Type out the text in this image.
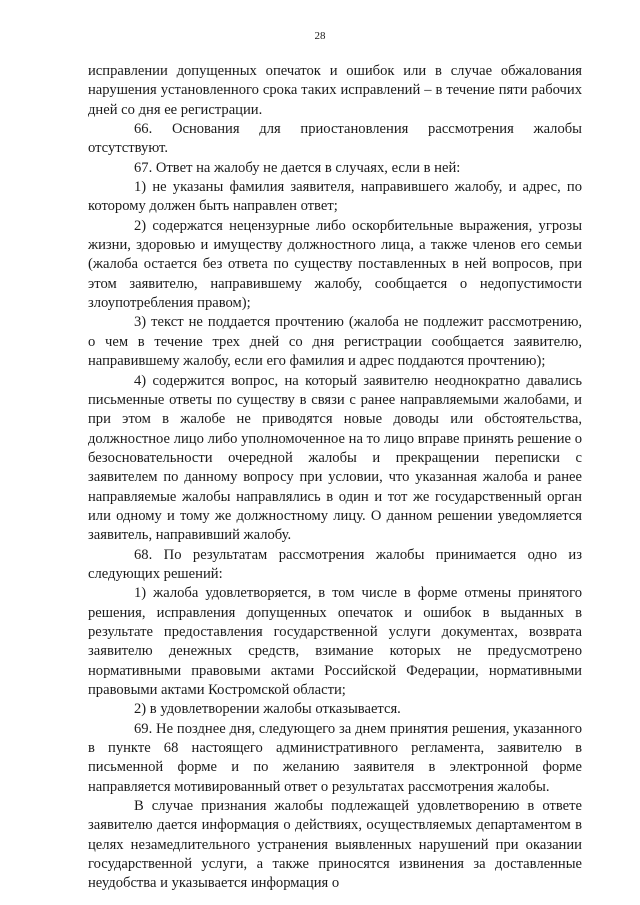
28

исправлении допущенных опечаток и ошибок или в случае обжалования нарушения установленного срока таких исправлений – в течение пяти рабочих дней со дня ее регистрации.

66. Основания для приостановления рассмотрения жалобы отсутствуют.

67. Ответ на жалобу не дается в случаях, если в ней:

1) не указаны фамилия заявителя, направившего жалобу, и адрес, по которому должен быть направлен ответ;

2) содержатся нецензурные либо оскорбительные выражения, угрозы жизни, здоровью и имуществу должностного лица, а также членов его семьи (жалоба остается без ответа по существу поставленных в ней вопросов, при этом заявителю, направившему жалобу, сообщается о недопустимости злоупотребления правом);

3) текст не поддается прочтению (жалоба не подлежит рассмотрению, о чем в течение трех дней со дня регистрации сообщается заявителю, направившему жалобу, если его фамилия и адрес поддаются прочтению);

4) содержится вопрос, на который заявителю неоднократно давались письменные ответы по существу в связи с ранее направляемыми жалобами, и при этом в жалобе не приводятся новые доводы или обстоятельства, должностное лицо либо уполномоченное на то лицо вправе принять решение о безосновательности очередной жалобы и прекращении переписки с заявителем по данному вопросу при условии, что указанная жалоба и ранее направляемые жалобы направлялись в один и тот же государственный орган или одному и тому же должностному лицу. О данном решении уведомляется заявитель, направивший жалобу.

68. По результатам рассмотрения жалобы принимается одно из следующих решений:

1) жалоба удовлетворяется, в том числе в форме отмены принятого решения, исправления допущенных опечаток и ошибок в выданных в результате предоставления государственной услуги документах, возврата заявителю денежных средств, взимание которых не предусмотрено нормативными правовыми актами Российской Федерации, нормативными правовыми актами Костромской области;

2) в удовлетворении жалобы отказывается.

69. Не позднее дня, следующего за днем принятия решения, указанного в пункте 68 настоящего административного регламента, заявителю в письменной форме и по желанию заявителя в электронной форме направляется мотивированный ответ о результатах рассмотрения жалобы.

В случае признания жалобы подлежащей удовлетворению в ответе заявителю дается информация о действиях, осуществляемых департаментом в целях незамедлительного устранения выявленных нарушений при оказании государственной услуги, а также приносятся извинения за доставленные неудобства и указывается информация о
